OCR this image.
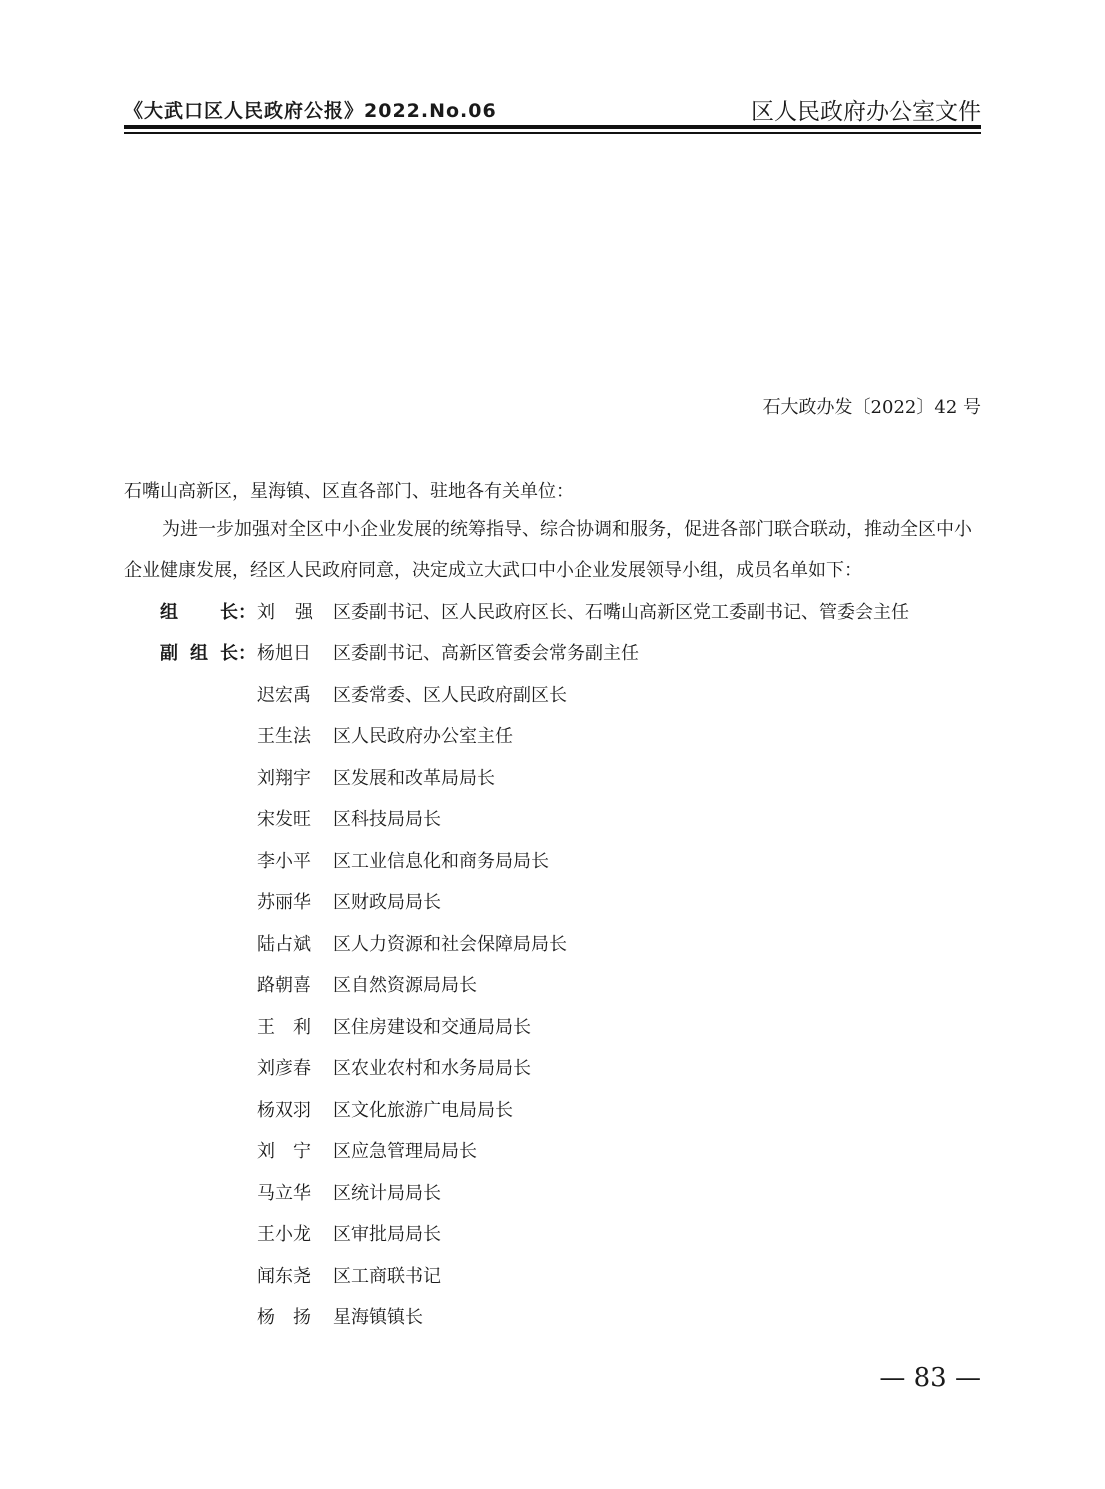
《大武口区人民政府公报》2022.No.06	区人民政府办公室文件
石大政办发〔2022〕42 号
石嘴山高新区，星海镇、区直各部门、驻地各有关单位：
为进一步加强对全区中小企业发展的统筹指导、综合协调和服务，促进各部门联合联动，推动全区中小企业健康发展，经区人民政府同意，决定成立大武口中小企业发展领导小组，成员名单如下：
组 长： 刘 强 区委副书记、区人民政府区长、石嘴山高新区党工委副书记、管委会主任
副 组 长： 杨旭日 区委副书记、高新区管委会常务副主任
迟宏禹 区委常委、区人民政府副区长
王生法 区人民政府办公室主任
刘翔宇 区发展和改革局局长
宋发旺 区科技局局长
李小平 区工业信息化和商务局局长
苏丽华 区财政局局长
陆占斌 区人力资源和社会保障局局长
路朝喜 区自然资源局局长
王　利 区住房建设和交通局局长
刘彦春 区农业农村和水务局局长
杨双羽 区文化旅游广电局局长
刘　宁 区应急管理局局长
马立华 区统计局局长
王小龙 区审批局局长
闻东尧 区工商联书记
杨　扬 星海镇镇长
— 83 —
